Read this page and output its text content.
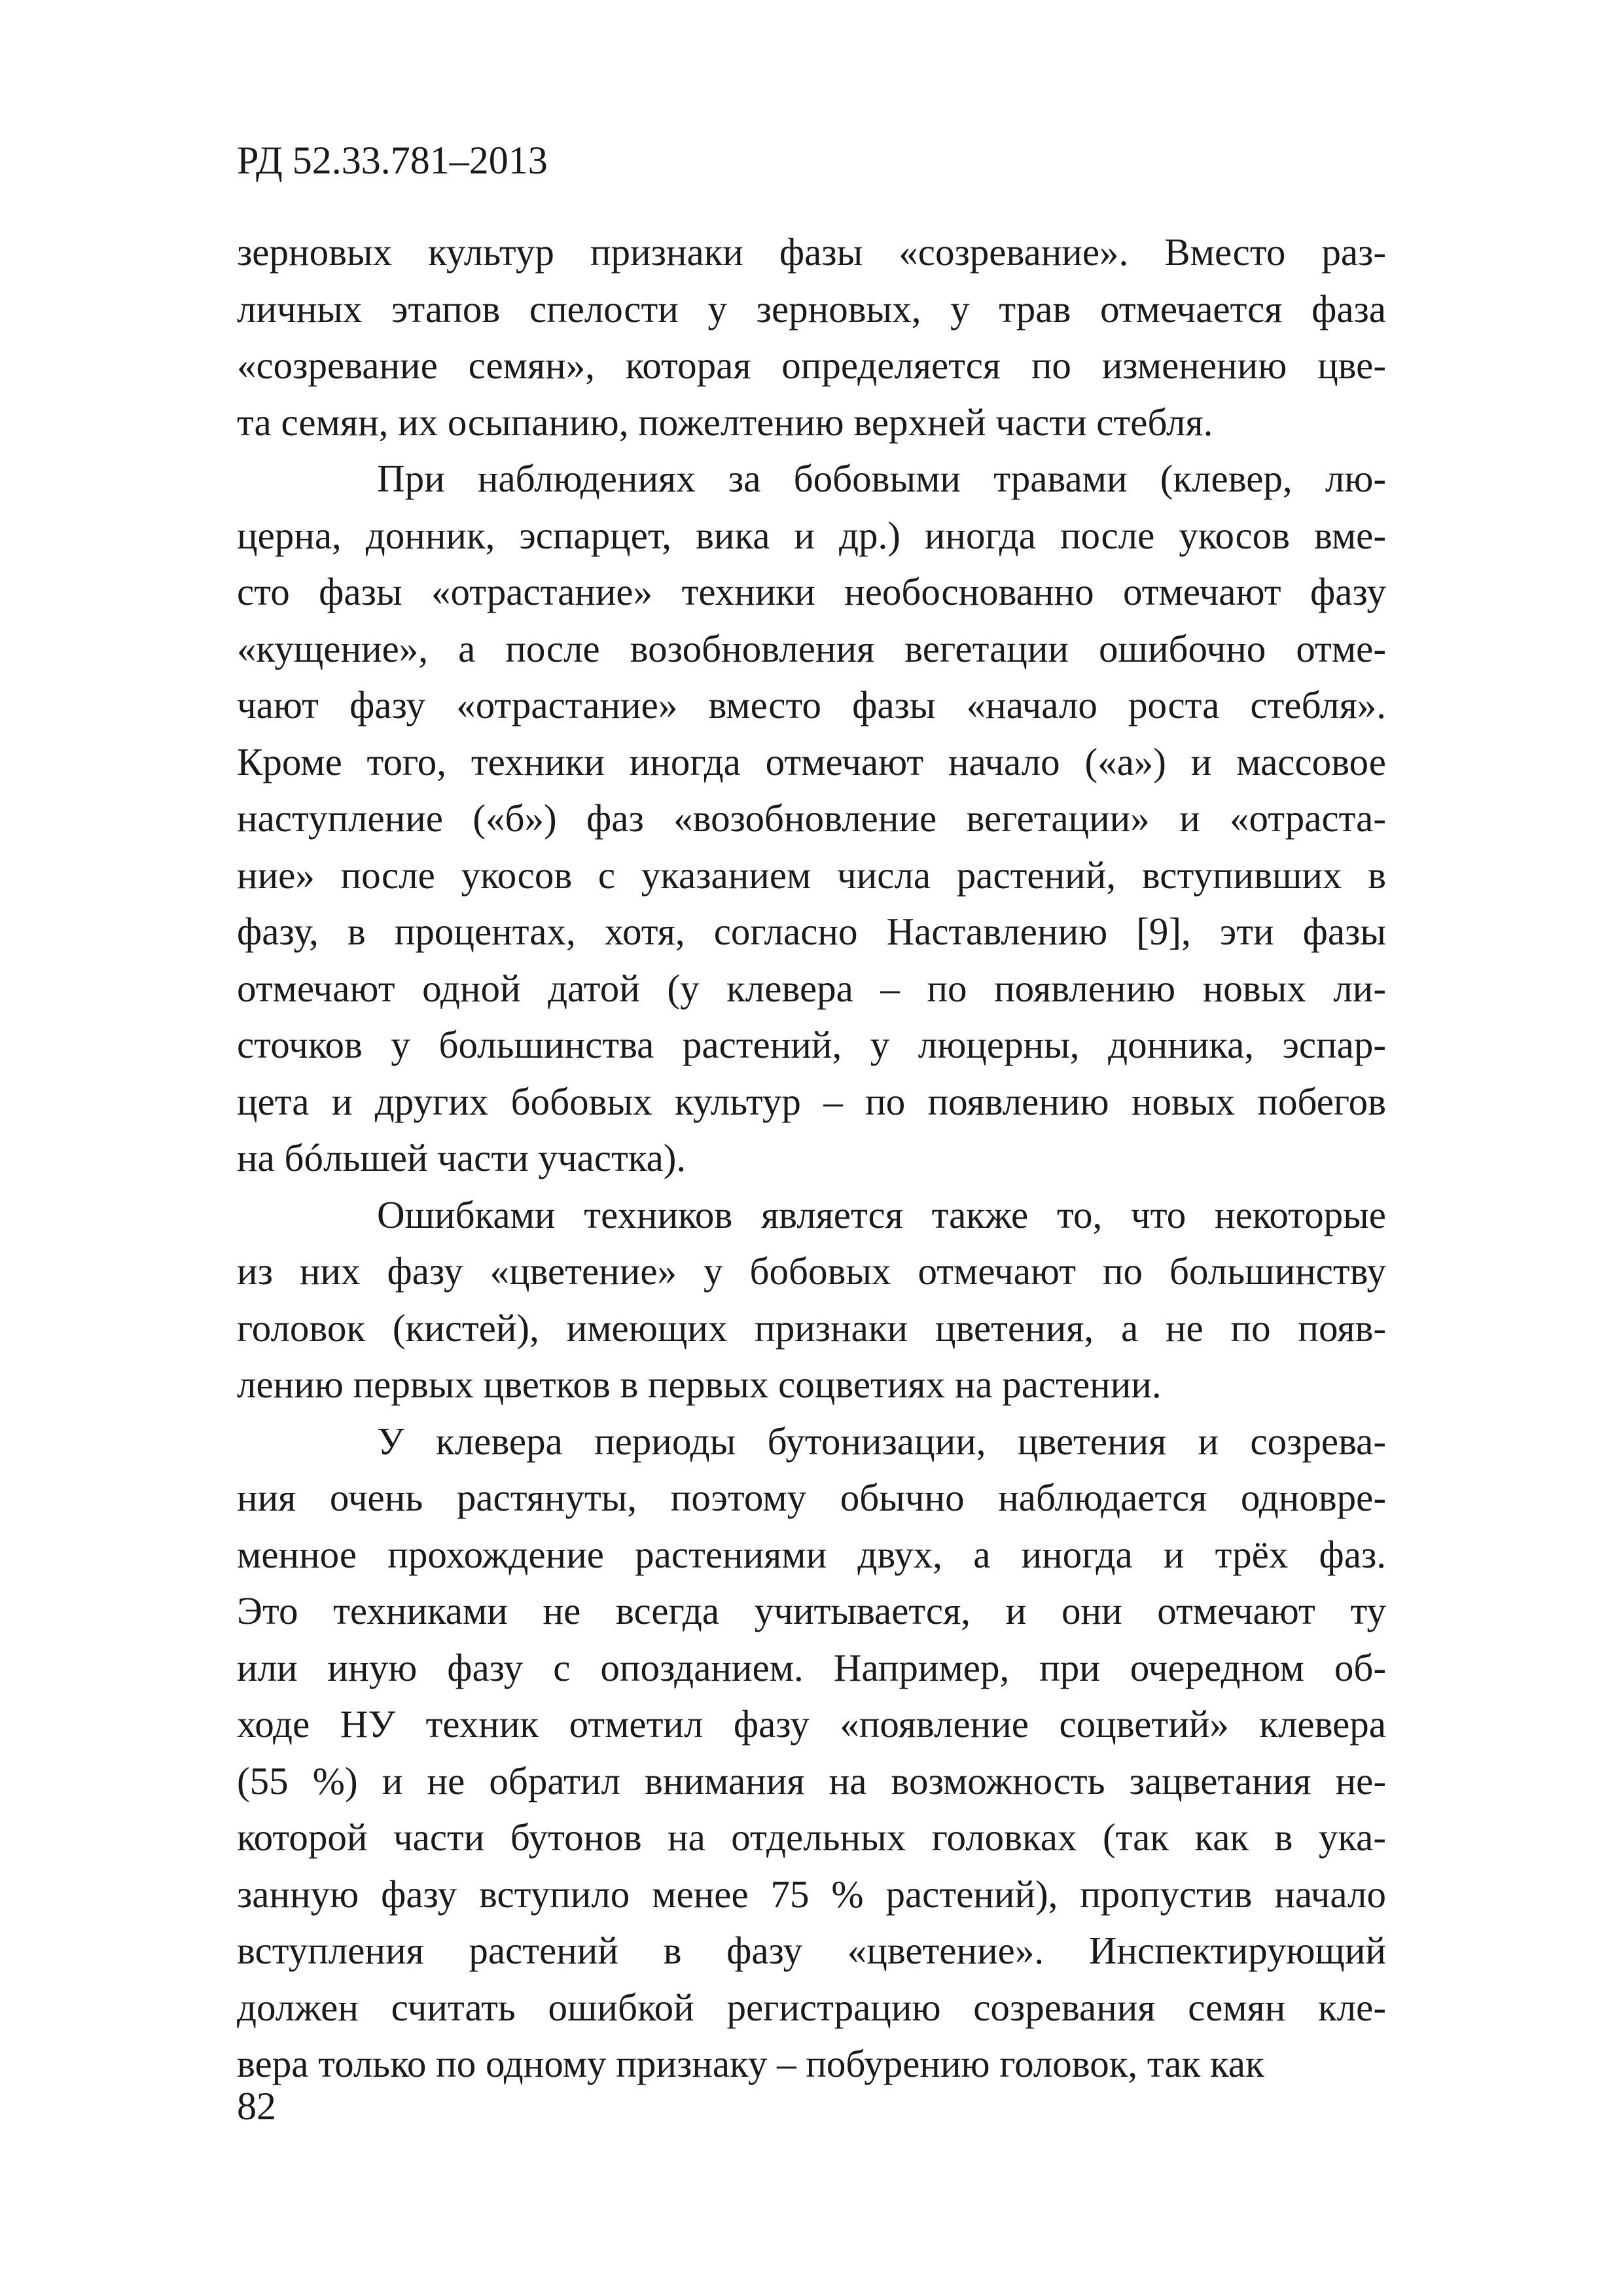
РД 52.33.781–2013
зерновых культур признаки фазы «созревание». Вместо раз-
личных этапов спелости у зерновых, у трав отмечается фаза
«созревание семян», которая определяется по изменению цве-
та семян, их осыпанию, пожелтению верхней части стебля.
При наблюдениях за бобовыми травами (клевер, лю-
церна, донник, эспарцет, вика и др.) иногда после укосов вме-
сто фазы «отрастание» техники необоснованно отмечают фазу
«кущение», а после возобновления вегетации ошибочно отме-
чают фазу «отрастание» вместо фазы «начало роста стебля».
Кроме того, техники иногда отмечают начало («а») и массовое
наступление («б») фаз «возобновление вегетации» и «отраста-
ние» после укосов с указанием числа растений, вступивших в
фазу, в процентах, хотя, согласно Наставлению [9], эти фазы
отмечают одной датой (у клевера – по появлению новых ли-
сточков у большинства растений, у люцерны, донника, эспар-
цета и других бобовых культур – по появлению новых побегов
на бóльшей части участка).
Ошибками техников является также то, что некоторые
из них фазу «цветение» у бобовых отмечают по большинству
головок (кистей), имеющих признаки цветения, а не по появ-
лению первых цветков в первых соцветиях на растении.
У клевера периоды бутонизации, цветения и созрева-
ния очень растянуты, поэтому обычно наблюдается одновре-
менное прохождение растениями двух, а иногда и трёх фаз.
Это техниками не всегда учитывается, и они отмечают ту
или иную фазу с опозданием. Например, при очередном об-
ходе НУ техник отметил фазу «появление соцветий» клевера
(55 %) и не обратил внимания на возможность зацветания не-
которой части бутонов на отдельных головках (так как в ука-
занную фазу вступило менее 75 % растений), пропустив начало
вступления растений в фазу «цветение». Инспектирующий
должен считать ошибкой регистрацию созревания семян кле-
вера только по одному признаку – побурению головок, так как
82
